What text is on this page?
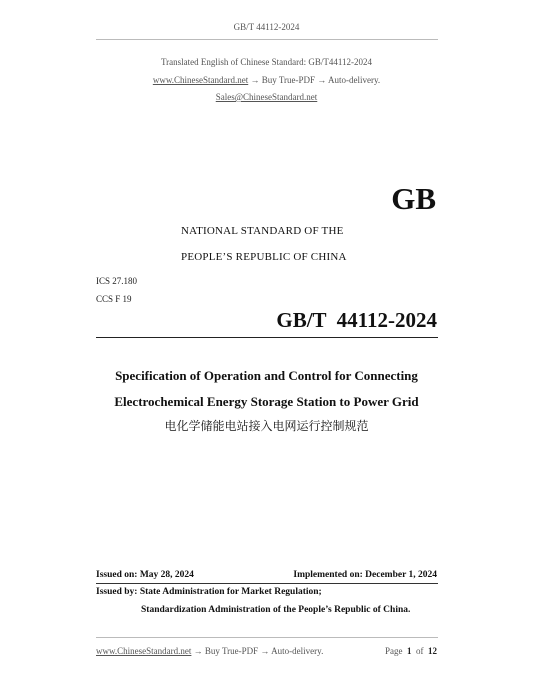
GB/T 44112-2024
Translated English of Chinese Standard: GB/T44112-2024
www.ChineseStandard.net → Buy True-PDF → Auto-delivery.
Sales@ChineseStandard.net
GB
NATIONAL STANDARD OF THE
PEOPLE’S REPUBLIC OF CHINA
ICS 27.180
CCS F 19
GB/T  44112-2024
Specification of Operation and Control for Connecting
Electrochemical Energy Storage Station to Power Grid
电化学储能电站接入电网运行控制规范
Issued on: May 28, 2024	Implemented on: December 1, 2024
Issued by: State Administration for Market Regulation;
Standardization Administration of the People’s Republic of China.
www.ChineseStandard.net → Buy True-PDF → Auto-delivery.	Page 1 of 12
